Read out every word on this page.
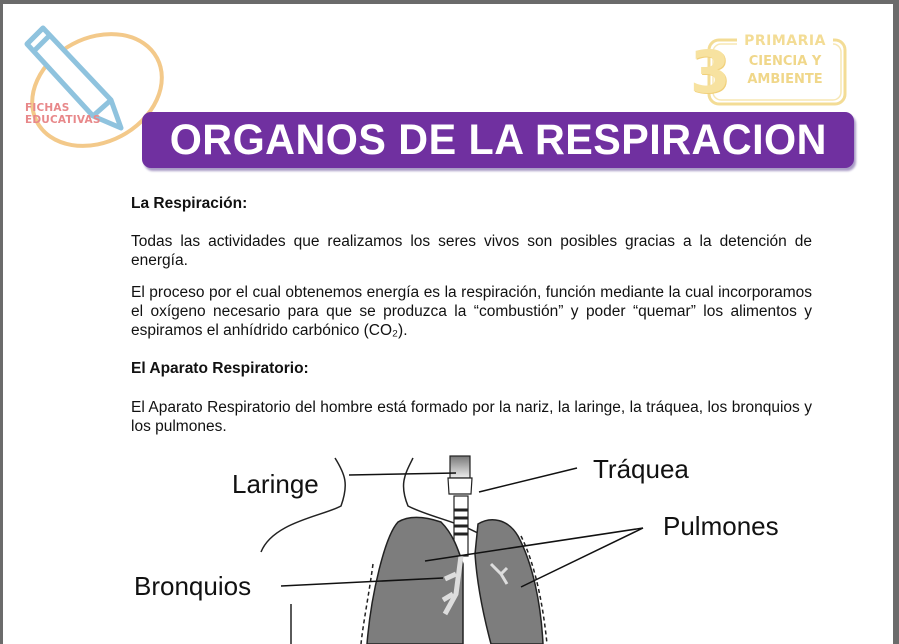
FICHAS
EDUCATIVAS
3 PRIMARIA
CIENCIA Y
AMBIENTE
ORGANOS DE LA RESPIRACION

La Respiración:

Todas las actividades que realizamos los seres vivos son posibles gracias a la detención de energía.

El proceso por el cual obtenemos energía es la respiración, función mediante la cual incorporamos el oxígeno necesario para que se produzca la “combustión” y poder “quemar” los alimentos y espiramos el anhídrido carbónico (CO₂).

El Aparato Respiratorio:

El Aparato Respiratorio del hombre está formado por la nariz, la laringe, la tráquea, los bronquios y los pulmones.

Laringe	Tráquea
Pulmones
Bronquios
